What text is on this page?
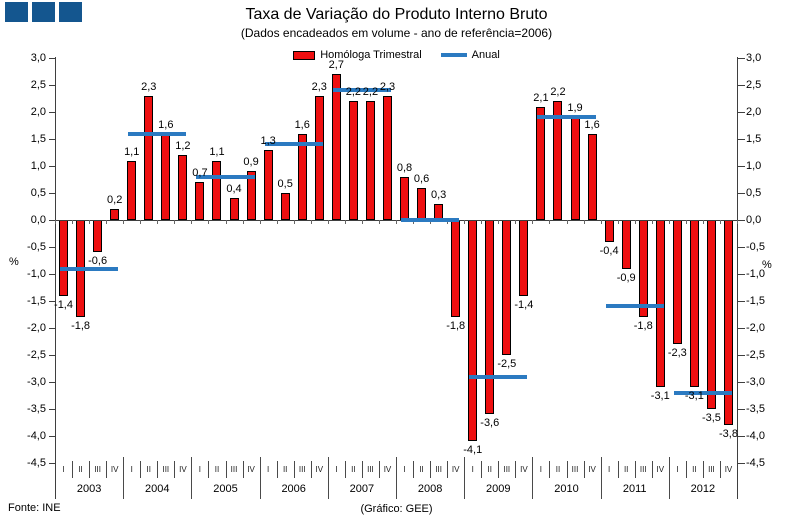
Taxa de Variação do Produto Interno Bruto
(Dados encadeados em volume - ano de referência=2006)
Homóloga Trimestral	Anual
3,0	3,0
2,5	2,5
2,0	2,0
1,5	1,5
1,0	1,0
0,5	0,5
0,0	0,0
-0,5	-0,5
-1,0	-1,0
-1,5	-1,5
-2,0	-2,0
-2,5	-2,5
-3,0	-3,0
-3,5	-3,5
-4,0	-4,0
-4,5	-4,5
%	%
-1,4
-1,8
-0,6
0,2
1,1
2,3
1,6
1,2
0,7
1,1
0,4
0,9
1,3
0,5
1,6
2,3
2,7
2,2 2,2 2,3
0,8
0,6
0,3
-1,8
-4,1
-3,6
-2,5
-1,4
2,1 2,2
1,9
1,6
-0,4
-0,9
-1,8
-3,1
-2,3
-3,1
-3,5
-3,8
I	II	III	IV
2003
I	II	III	IV
2004
I	II	III	IV
2005
I	II	III	IV
2006
I	II	III	IV
2007
I	II	III	IV
2008
I	II	III	IV
2009
I	II	III	IV
2010
I	II	III	IV
2011
I	II	III	IV
2012
Fonte: INE	(Gráfico: GEE)
